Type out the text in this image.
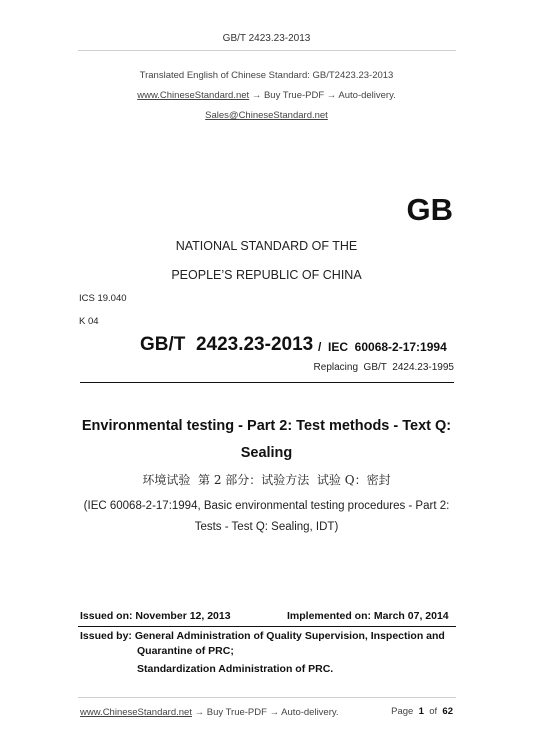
GB/T 2423.23-2013
Translated English of Chinese Standard: GB/T2423.23-2013
www.ChineseStandard.net → Buy True-PDF → Auto-delivery.
Sales@ChineseStandard.net
GB
NATIONAL STANDARD OF THE
PEOPLE’S REPUBLIC OF CHINA
ICS 19.040
K 04
GB/T  2423.23-2013 /  IEC  60068-2-17:1994
Replacing  GB/T  2424.23-1995
Environmental testing - Part 2: Test methods - Text Q:
Sealing
环境试验  第 2 部分：试验方法  试验 Q：密封
(IEC 60068-2-17:1994, Basic environmental testing procedures - Part 2:
Tests - Test Q: Sealing, IDT)
Issued on: November 12, 2013	Implemented on: March 07, 2014
Issued by: General Administration of Quality Supervision, Inspection and
Quarantine of PRC;
Standardization Administration of PRC.
www.ChineseStandard.net → Buy True-PDF → Auto-delivery.	Page 1 of 62
